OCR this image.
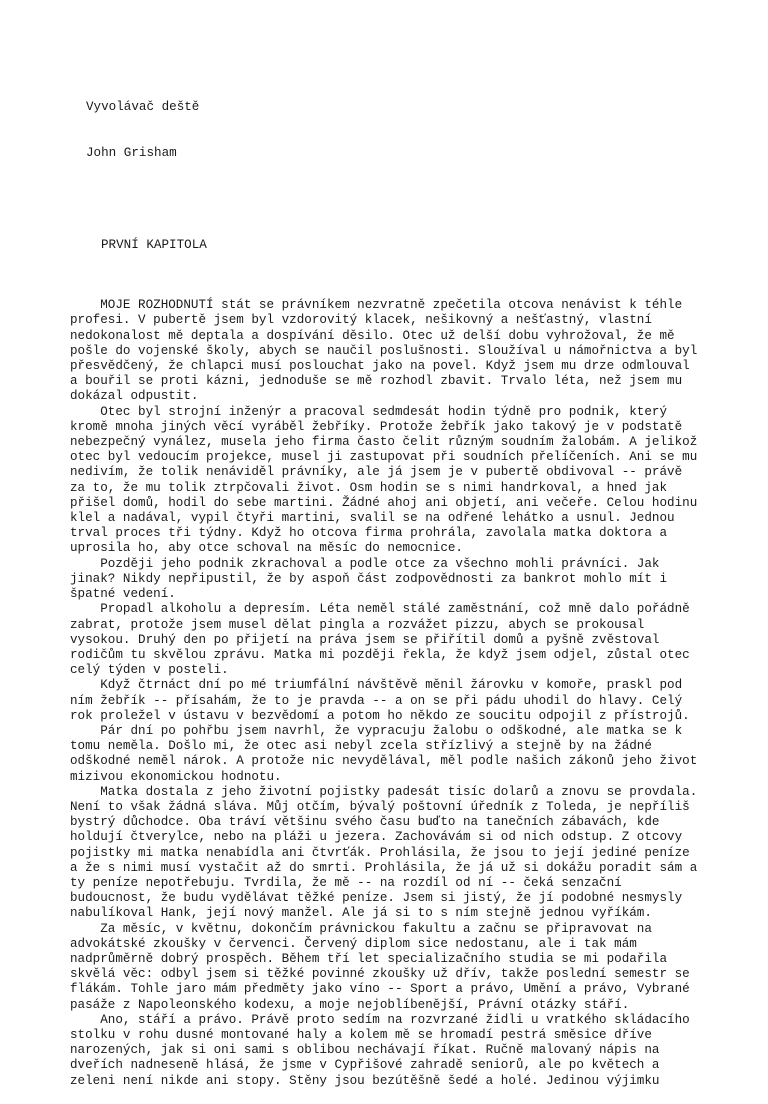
Vyvolávač deště

John Grisham

PRVNÍ KAPITOLA

MOJE ROZHODNUTÍ stát se právníkem nezvratně zpečetila otcova nenávist k téhle
profesi. V pubertě jsem byl vzdorovitý klacek, nešikovný a nešťastný, vlastní
nedokonalost mě deptala a dospívání děsilo. Otec už delší dobu vyhrožoval, že mě
pošle do vojenské školy, abych se naučil poslušnosti. Sloužíval u námořnictva a byl
přesvědčený, že chlapci musí poslouchat jako na povel. Když jsem mu drze odmlouval
a bouřil se proti kázni, jednoduše se mě rozhodl zbavit. Trvalo léta, než jsem mu
dokázal odpustit.
Otec byl strojní inženýr a pracoval sedmdesát hodin týdně pro podnik, který
kromě mnoha jiných věcí vyráběl žebříky. Protože žebřík jako takový je v podstatě
nebezpečný vynález, musela jeho firma často čelit různým soudním žalobám. A jelikož
otec byl vedoucím projekce, musel ji zastupovat při soudních přelíčeních. Ani se mu
nedivím, že tolik nenáviděl právníky, ale já jsem je v pubertě obdivoval -- právě
za to, že mu tolik ztrpčovali život. Osm hodin se s nimi handrkoval, a hned jak
přišel domů, hodil do sebe martini. Žádné ahoj ani objetí, ani večeře. Celou hodinu
klel a nadával, vypil čtyři martini, svalil se na odřené lehátko a usnul. Jednou
trval proces tři týdny. Když ho otcova firma prohrála, zavolala matka doktora a
uprosila ho, aby otce schoval na měsíc do nemocnice.
Později jeho podnik zkrachoval a podle otce za všechno mohli právníci. Jak
jinak? Nikdy nepřipustil, že by aspoň část zodpovědnosti za bankrot mohlo mít i
špatné vedení.
Propadl alkoholu a depresím. Léta neměl stálé zaměstnání, což mně dalo pořádně
zabrat, protože jsem musel dělat pingla a rozvážet pizzu, abych se prokousal
vysokou. Druhý den po přijetí na práva jsem se přiřítil domů a pyšně zvěstoval
rodičům tu skvělou zprávu. Matka mi později řekla, že když jsem odjel, zůstal otec
celý týden v posteli.
Když čtrnáct dní po mé triumfální návštěvě měnil žárovku v komoře, praskl pod
ním žebřík -- přísahám, že to je pravda -- a on se při pádu uhodil do hlavy. Celý
rok proležel v ústavu v bezvědomí a potom ho někdo ze soucitu odpojil z přístrojů.
Pár dní po pohřbu jsem navrhl, že vypracuju žalobu o odškodné, ale matka se k
tomu neměla. Došlo mi, že otec asi nebyl zcela střízlivý a stejně by na žádné
odškodné neměl nárok. A protože nic nevydělával, měl podle našich zákonů jeho život
mizivou ekonomickou hodnotu.
Matka dostala z jeho životní pojistky padesát tisíc dolarů a znovu se provdala.
Není to však žádná sláva. Můj otčím, bývalý poštovní úředník z Toleda, je nepříliš
bystrý důchodce. Oba tráví většinu svého času buďto na tanečních zábavách, kde
holdují čtverylce, nebo na pláži u jezera. Zachovávám si od nich odstup. Z otcovy
pojistky mi matka nenabídla ani čtvrťák. Prohlásila, že jsou to její jediné peníze
a že s nimi musí vystačit až do smrti. Prohlásila, že já už si dokážu poradit sám a
ty peníze nepotřebuju. Tvrdila, že mě -- na rozdíl od ní -- čeká senzační
budoucnost, že budu vydělávat těžké peníze. Jsem si jistý, že jí podobné nesmysly
nabulíkoval Hank, její nový manžel. Ale já si to s ním stejně jednou vyříkám.
Za měsíc, v květnu, dokončím právnickou fakultu a začnu se připravovat na
advokátské zkoušky v červenci. Červený diplom sice nedostanu, ale i tak mám
nadprůměrně dobrý prospěch. Během tří let specializačního studia se mi podařila
skvělá věc: odbyl jsem si těžké povinné zkoušky už dřív, takže poslední semestr se
flákám. Tohle jaro mám předměty jako víno -- Sport a právo, Umění a právo, Vybrané
pasáže z Napoleonského kodexu, a moje nejoblíbenější, Právní otázky stáří.
Ano, stáří a právo. Právě proto sedím na rozvrzané židli u vratkého skládacího
stolku v rohu dusné montované haly a kolem mě se hromadí pestrá směsice dříve
narozených, jak si oni sami s oblibou nechávají říkat. Ručně malovaný nápis na
dveřích nadneseně hlásá, že jsme v Cypřišové zahradě seniorů, ale po květech a
zeleni není nikde ani stopy. Stěny jsou bezútěšně šedé a holé. Jedinou výjimku
